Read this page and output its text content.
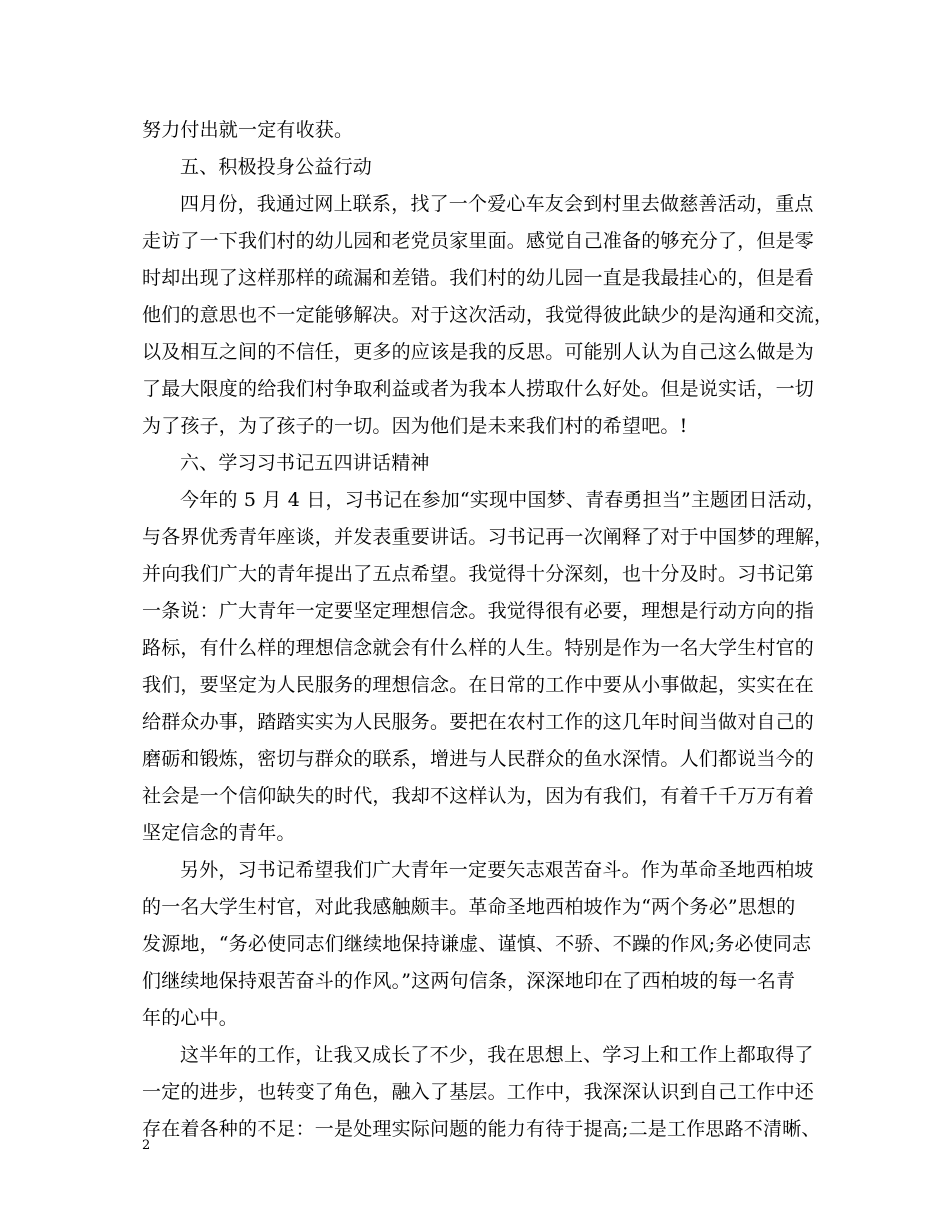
努力付出就一定有收获。
五、积极投身公益行动
四月份，我通过网上联系，找了一个爱心车友会到村里去做慈善活动，重点
走访了一下我们村的幼儿园和老党员家里面。感觉自己准备的够充分了，但是零
时却出现了这样那样的疏漏和差错。我们村的幼儿园一直是我最挂心的，但是看
他们的意思也不一定能够解决。对于这次活动，我觉得彼此缺少的是沟通和交流，
以及相互之间的不信任，更多的应该是我的反思。可能别人认为自己这么做是为
了最大限度的给我们村争取利益或者为我本人捞取什么好处。但是说实话，一切
为了孩子，为了孩子的一切。因为他们是未来我们村的希望吧。!
六、学习习书记五四讲话精神
今年的 5 月 4 日，习书记在参加“实现中国梦、青春勇担当”主题团日活动，
与各界优秀青年座谈，并发表重要讲话。习书记再一次阐释了对于中国梦的理解，
并向我们广大的青年提出了五点希望。我觉得十分深刻，也十分及时。习书记第
一条说：广大青年一定要坚定理想信念。我觉得很有必要，理想是行动方向的指
路标，有什么样的理想信念就会有什么样的人生。特别是作为一名大学生村官的
我们，要坚定为人民服务的理想信念。在日常的工作中要从小事做起，实实在在
给群众办事，踏踏实实为人民服务。要把在农村工作的这几年时间当做对自己的
磨砺和锻炼，密切与群众的联系，增进与人民群众的鱼水深情。人们都说当今的
社会是一个信仰缺失的时代，我却不这样认为，因为有我们，有着千千万万有着
坚定信念的青年。
另外，习书记希望我们广大青年一定要矢志艰苦奋斗。作为革命圣地西柏坡
的一名大学生村官，对此我感触颇丰。革命圣地西柏坡作为“两个务必”思想的
发源地，“务必使同志们继续地保持谦虚、谨慎、不骄、不躁的作风;务必使同志
们继续地保持艰苦奋斗的作风。”这两句信条，深深地印在了西柏坡的每一名青
年的心中。
这半年的工作，让我又成长了不少，我在思想上、学习上和工作上都取得了
一定的进步，也转变了角色，融入了基层。工作中，我深深认识到自己工作中还
存在着各种的不足：一是处理实际问题的能力有待于提高;二是工作思路不清晰、
2
